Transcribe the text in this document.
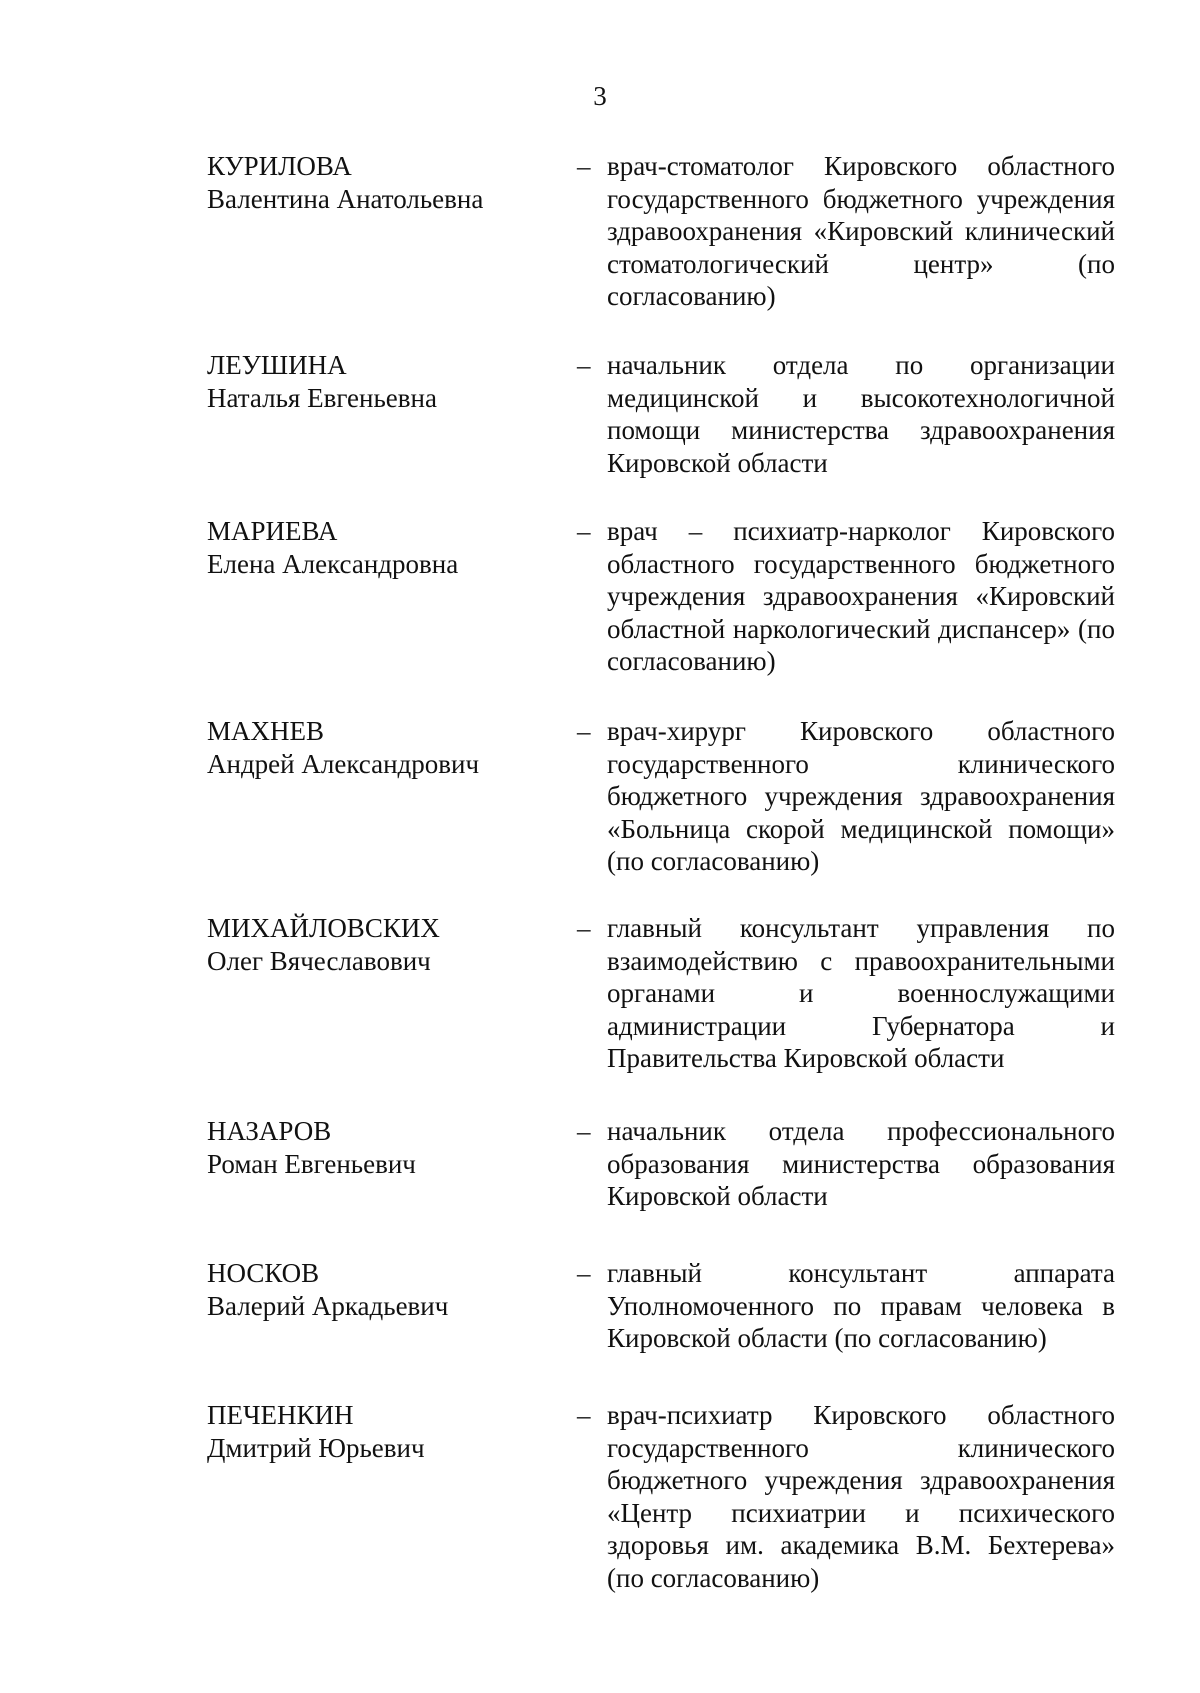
3
КУРИЛОВА
Валентина Анатольевна
– врач-стоматолог Кировского областного государственного бюджетного учреждения здравоохранения «Кировский клинический стоматологический центр» (по согласованию)
ЛЕУШИНА
Наталья Евгеньевна
– начальник отдела по организации медицинской и высокотехнологичной помощи министерства здравоохранения Кировской области
МАРИЕВА
Елена Александровна
– врач – психиатр-нарколог Кировского областного государственного бюджетного учреждения здравоохранения «Кировский областной наркологический диспансер» (по согласованию)
МАХНЕВ
Андрей Александрович
– врач-хирург Кировского областного государственного клинического бюджетного учреждения здравоохранения «Больница скорой медицинской помощи» (по согласованию)
МИХАЙЛОВСКИХ
Олег Вячеславович
– главный консультант управления по взаимодействию с правоохранительными органами и военнослужащими администрации Губернатора и Правительства Кировской области
НАЗАРОВ
Роман Евгеньевич
– начальник отдела профессионального образования министерства образования Кировской области
НОСКОВ
Валерий Аркадьевич
– главный консультант аппарата Уполномоченного по правам человека в Кировской области (по согласованию)
ПЕЧЕНКИН
Дмитрий Юрьевич
– врач-психиатр Кировского областного государственного клинического бюджетного учреждения здравоохранения «Центр психиатрии и психического здоровья им. академика В.М. Бехтерева» (по согласованию)
